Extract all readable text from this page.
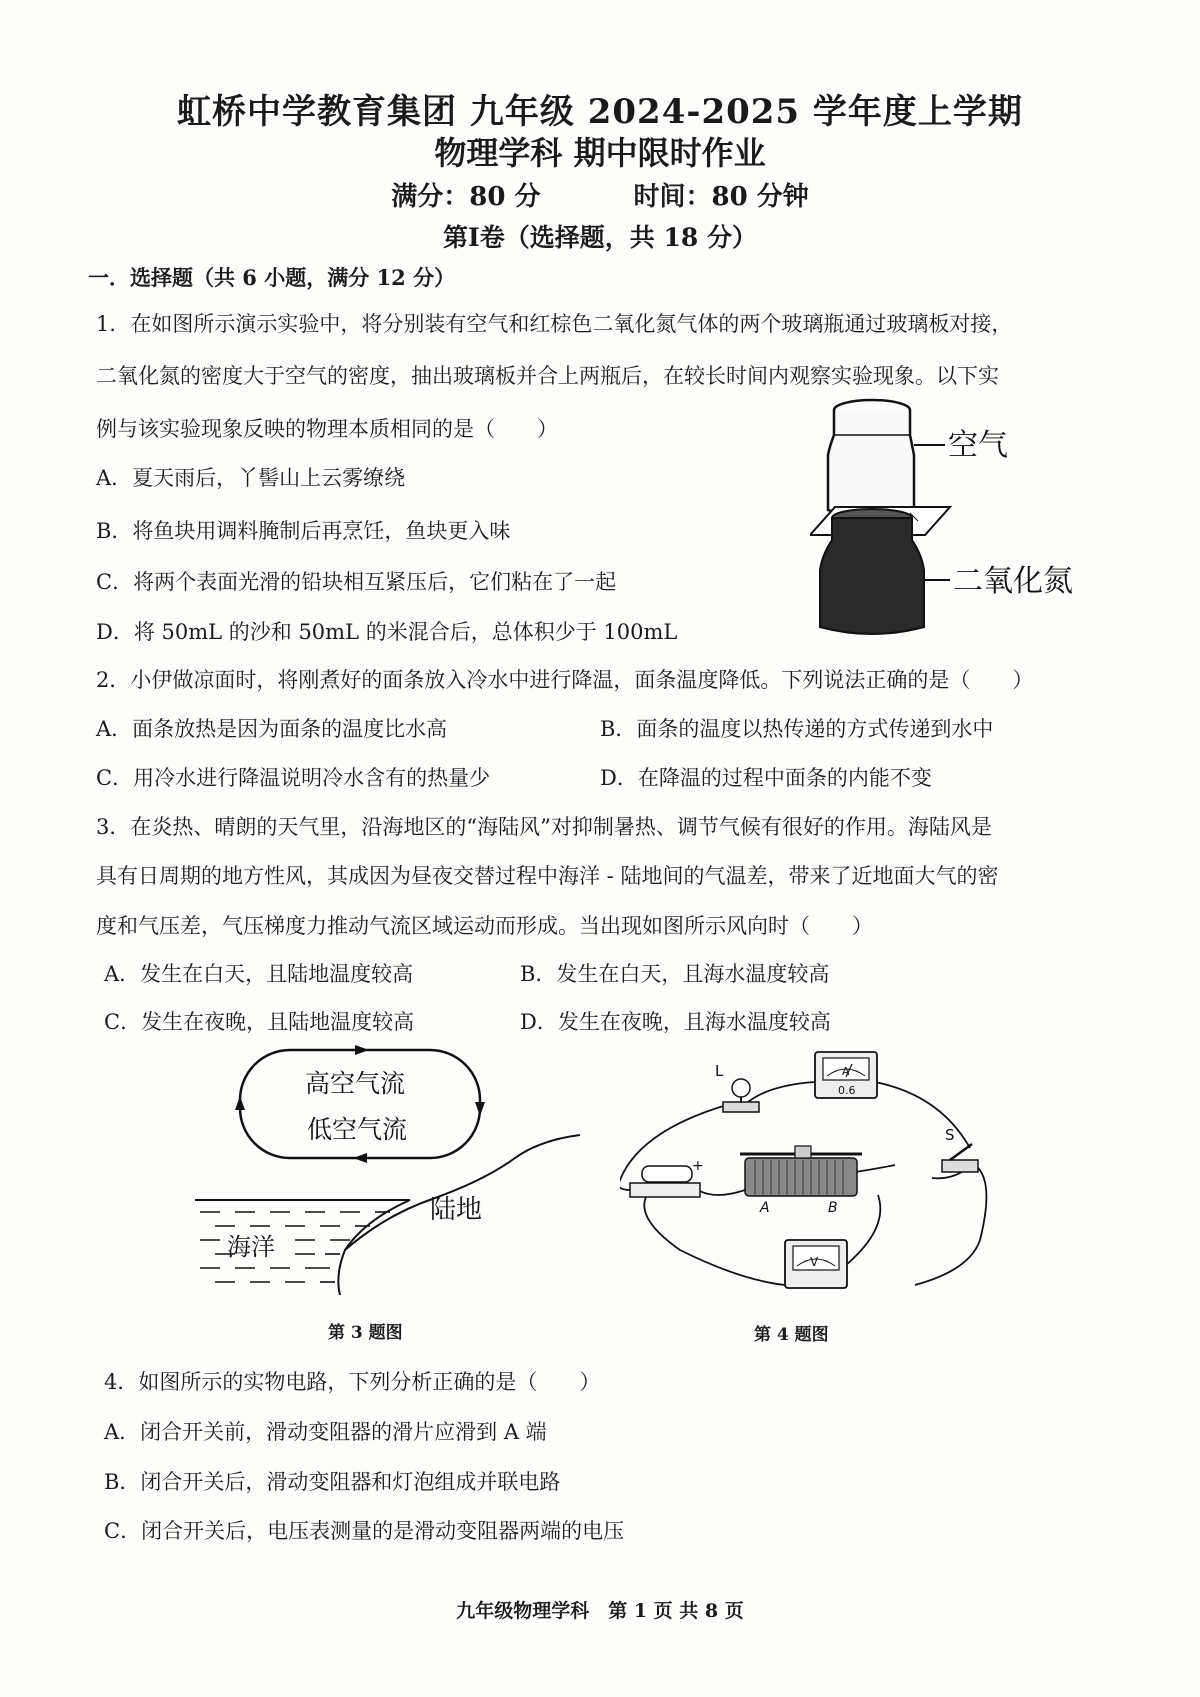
虹桥中学教育集团 九年级 2024-2025 学年度上学期
物理学科 期中限时作业
满分：80 分	时间：80 分钟
第Ⅰ卷（选择题，共 18 分）
一．选择题（共 6 小题，满分 12 分）
1．在如图所示演示实验中，将分别装有空气和红棕色二氧化氮气体的两个玻璃瓶通过玻璃板对接，
二氧化氮的密度大于空气的密度，抽出玻璃板并合上两瓶后，在较长时间内观察实验现象。以下实
例与该实验现象反映的物理本质相同的是（　　）
A．夏天雨后，丫髻山上云雾缭绕
B．将鱼块用调料腌制后再烹饪，鱼块更入味
C．将两个表面光滑的铅块相互紧压后，它们粘在了一起
D．将 50mL 的沙和 50mL 的米混合后，总体积少于 100mL
空气
二氧化氮
2．小伊做凉面时，将刚煮好的面条放入冷水中进行降温，面条温度降低。下列说法正确的是（　　）
A．面条放热是因为面条的温度比水高	B．面条的温度以热传递的方式传递到水中
C．用冷水进行降温说明冷水含有的热量少	D．在降温的过程中面条的内能不变
3．在炎热、晴朗的天气里，沿海地区的“海陆风”对抑制暑热、调节气候有很好的作用。海陆风是
具有日周期的地方性风，其成因为昼夜交替过程中海洋 - 陆地间的气温差，带来了近地面大气的密
度和气压差，气压梯度力推动气流区域运动而形成。当出现如图所示风向时（　　）
A．发生在白天，且陆地温度较高	B．发生在白天，且海水温度较高
C．发生在夜晚，且陆地温度较高	D．发生在夜晚，且海水温度较高
高空气流
低空气流
陆地
海洋
第 3 题图
L	A
0.6
S
+
A	B
V
第 4 题图
4．如图所示的实物电路，下列分析正确的是（　　）
A．闭合开关前，滑动变阻器的滑片应滑到 A 端
B．闭合开关后，滑动变阻器和灯泡组成并联电路
C．闭合开关后，电压表测量的是滑动变阻器两端的电压
九年级物理学科　第 1 页 共 8 页
